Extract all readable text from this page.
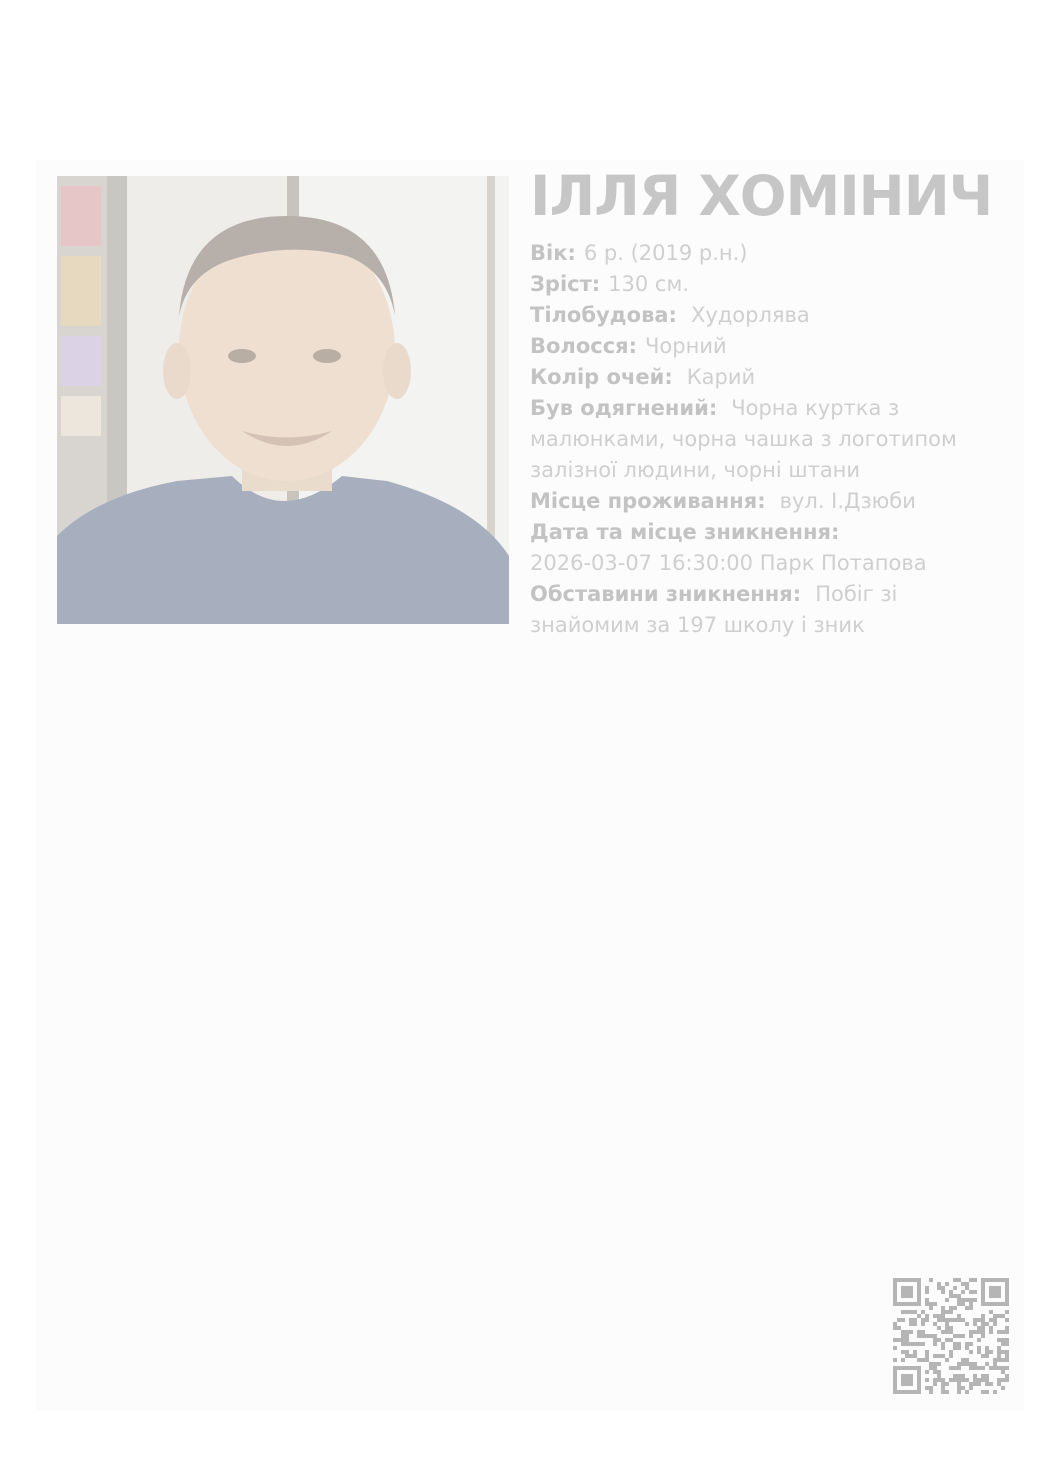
ІЛЛЯ ХОМІНИЧ
Вік: 6 р. (2019 р.н.)
Зріст: 130 см.
Тілобудова: Худорлява
Волосся: Чорний
Колір очей: Карий
Був одягнений: Чорна куртка з малюнками, чорна чашка з логотипом залізної людини, чорні штани
Місце проживання: вул. І.Дзюби
Дата та місце зникнення:
2026-03-07 16:30:00 Парк Потапова
Обставини зникнення: Побіг зі знайомим за 197 школу і зник
